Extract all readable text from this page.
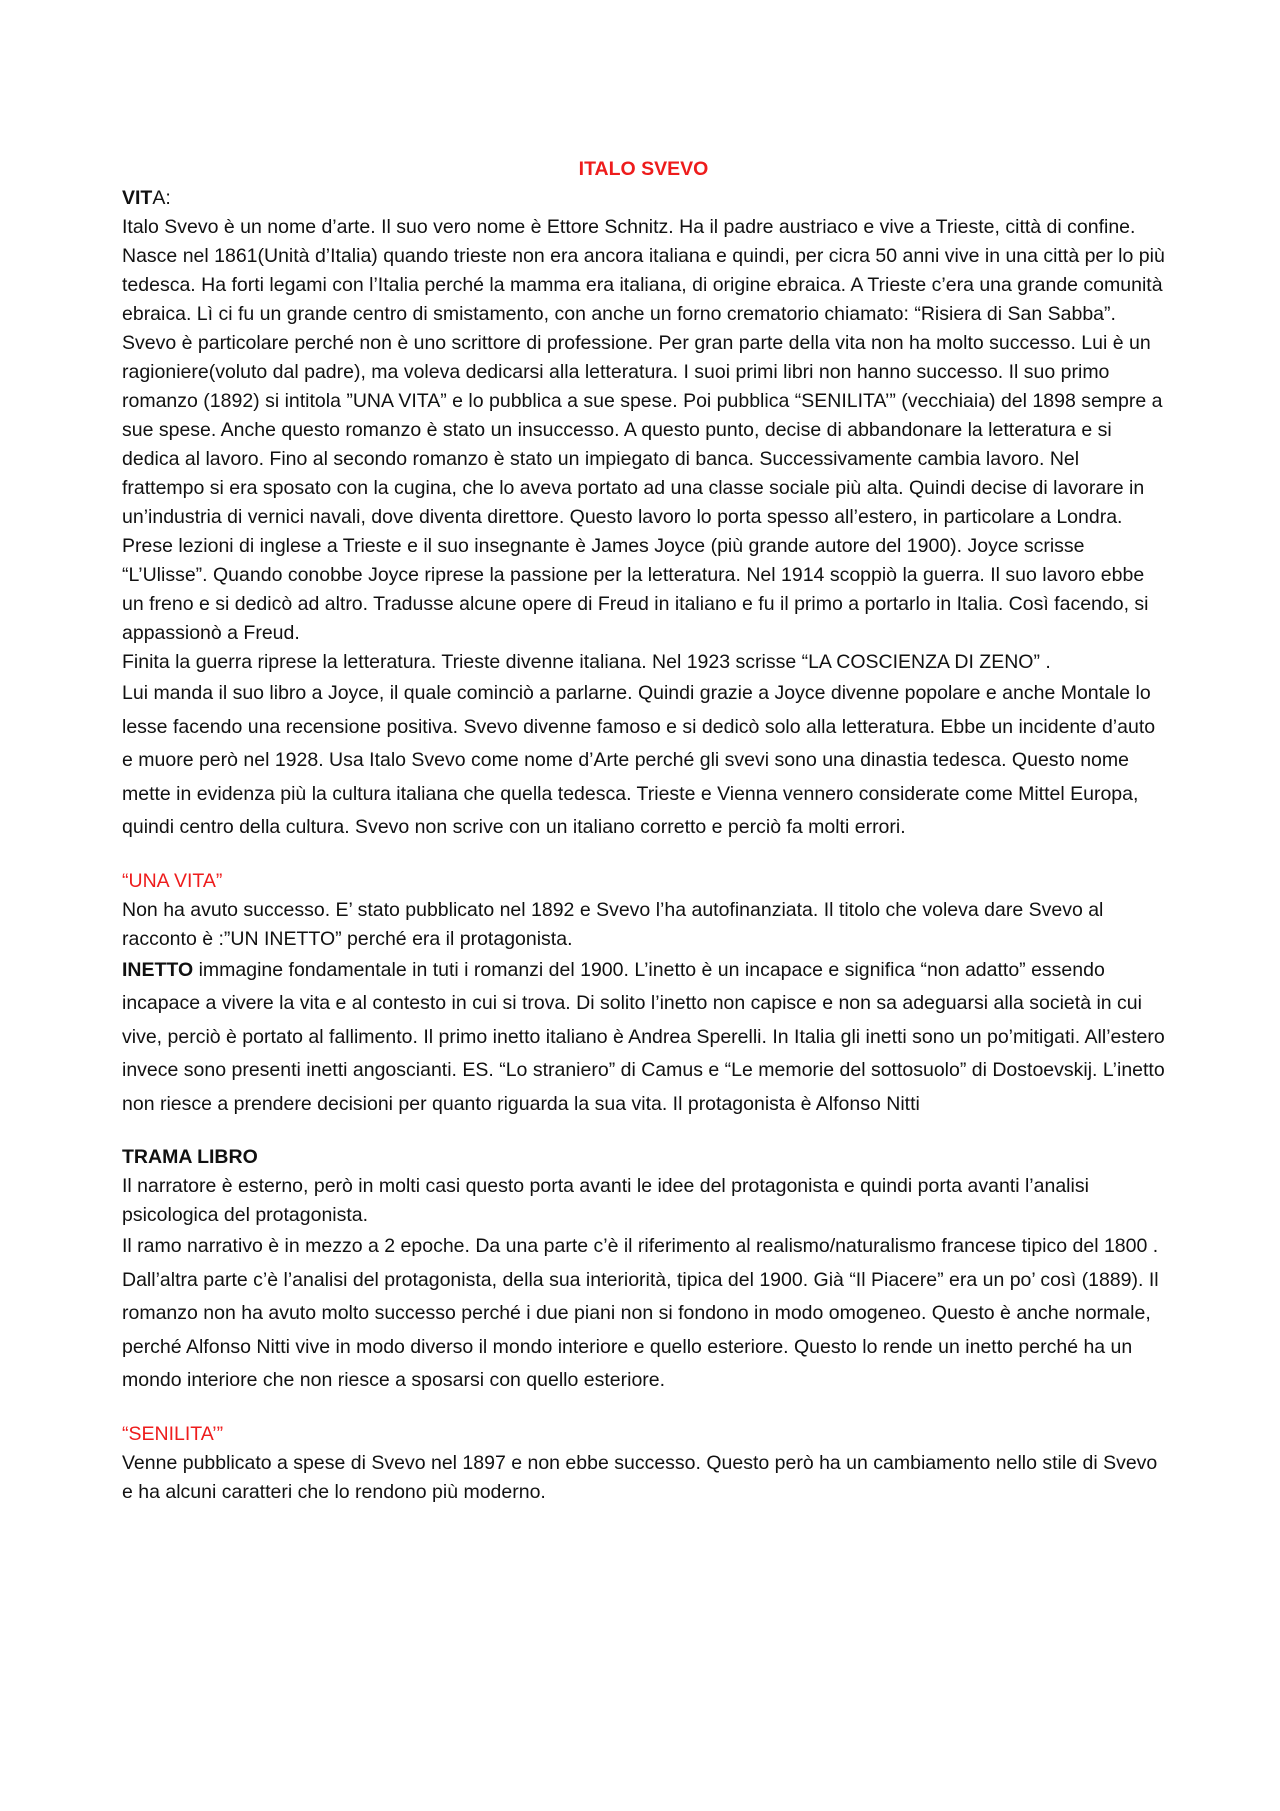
ITALO SVEVO

VITA:

Italo Svevo è un nome d’arte. Il suo vero nome è Ettore Schnitz. Ha il padre austriaco e vive a Trieste, città di confine.

Nasce nel 1861(Unità d’Italia) quando trieste non era ancora italiana e quindi, per cicra 50 anni vive in una città per lo più tedesca. Ha forti legami con l’Italia perché la mamma era italiana, di origine ebraica. A Trieste c’era una grande comunità ebraica. Lì ci fu un grande centro di smistamento, con anche un forno crematorio chiamato: “Risiera di San Sabba”.

Svevo è particolare perché non è uno scrittore di professione. Per gran parte della vita non ha molto successo. Lui è un ragioniere(voluto dal padre), ma voleva dedicarsi alla letteratura. I suoi primi libri non hanno successo. Il suo primo romanzo (1892) si intitola ”UNA VITA” e lo pubblica a sue spese. Poi pubblica “SENILITA’” (vecchiaia) del 1898 sempre a sue spese. Anche questo romanzo è stato un insuccesso. A questo punto, decise di abbandonare la letteratura e si dedica al lavoro. Fino al secondo romanzo è stato un impiegato di banca. Successivamente cambia lavoro. Nel frattempo si era sposato con la cugina, che lo aveva portato ad una classe sociale più alta. Quindi decise di lavorare in un’industria di vernici navali, dove diventa direttore. Questo lavoro lo porta spesso all’estero, in particolare a Londra. Prese lezioni di inglese a Trieste e il suo insegnante è James Joyce (più grande autore del 1900). Joyce scrisse “L’Ulisse”. Quando conobbe Joyce riprese la passione per la letteratura. Nel 1914 scoppiò la guerra. Il suo lavoro ebbe un freno e si dedicò ad altro. Tradusse alcune opere di Freud in italiano e fu il primo a portarlo in Italia. Così facendo, si appassionò a Freud.

Finita la guerra riprese la letteratura. Trieste divenne italiana. Nel 1923 scrisse “LA COSCIENZA DI ZENO” .

Lui manda il suo libro a Joyce, il quale cominciò a parlarne. Quindi grazie a Joyce divenne popolare e anche Montale lo lesse facendo una recensione positiva. Svevo divenne famoso e si dedicò solo alla letteratura. Ebbe un incidente d’auto e muore però nel 1928. Usa Italo Svevo come nome d’Arte perché gli svevi sono una dinastia tedesca. Questo nome mette in evidenza più la cultura italiana che quella tedesca. Trieste e Vienna vennero considerate come Mittel Europa, quindi centro della cultura. Svevo non scrive con un italiano corretto e perciò fa molti errori.

“UNA VITA”

Non ha avuto successo. E’ stato pubblicato nel 1892 e Svevo l’ha autofinanziata. Il titolo che voleva dare Svevo al racconto è :”UN INETTO” perché era il protagonista.

INETTO immagine fondamentale in tuti i romanzi del 1900. L’inetto è un incapace e significa “non adatto” essendo incapace a vivere la vita e al contesto in cui si trova. Di solito l’inetto non capisce e non sa adeguarsi alla società in cui vive, perciò è portato al fallimento. Il primo inetto italiano è Andrea Sperelli. In Italia gli inetti sono un po’mitigati. All’estero invece sono presenti inetti angoscianti. ES. “Lo straniero” di Camus e “Le memorie del sottosuolo” di Dostoevskij. L’inetto non riesce a prendere decisioni per quanto riguarda la sua vita. Il protagonista è Alfonso Nitti

TRAMA LIBRO

Il narratore è esterno, però in molti casi questo porta avanti le idee del protagonista e quindi porta avanti l’analisi psicologica del protagonista.

Il ramo narrativo è in mezzo a 2 epoche. Da una parte c’è il riferimento al realismo/naturalismo francese tipico del 1800 . Dall’altra parte c’è l’analisi del protagonista, della sua interiorità, tipica del 1900. Già “Il Piacere” era un po’ così (1889). Il romanzo non ha avuto molto successo perché i due piani non si fondono in modo omogeneo. Questo è anche normale, perché Alfonso Nitti vive in modo diverso il mondo interiore e quello esteriore. Questo lo rende un inetto perché ha un mondo interiore che non riesce a sposarsi con quello esteriore.

“SENILITA’”

Venne pubblicato a spese di Svevo nel 1897 e non ebbe successo. Questo però ha un cambiamento nello stile di Svevo e ha alcuni caratteri che lo rendono più moderno.
